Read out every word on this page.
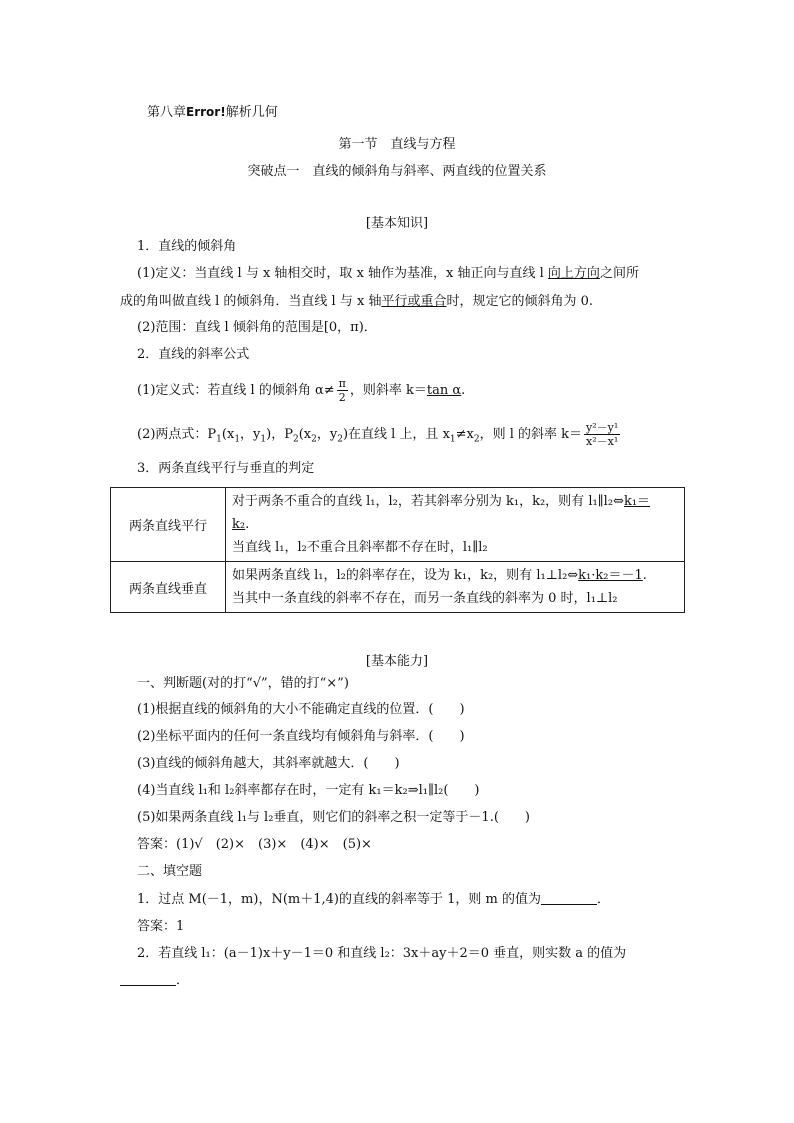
第八章Error!解析几何
第一节　直线与方程
突破点一　直线的倾斜角与斜率、两直线的位置关系
[基本知识]
1．直线的倾斜角
(1)定义：当直线 l 与 x 轴相交时，取 x 轴作为基准，x 轴正向与直线 l 向上方向之间所
成的角叫做直线 l 的倾斜角．当直线 l 与 x 轴平行或重合时，规定它的倾斜角为 0.
(2)范围：直线 l 倾斜角的范围是[0，π)．
2．直线的斜率公式
(1)定义式：若直线 l 的倾斜角 $\alpha\ne \frac{\pi}{2}$ ，则斜率 k＝tan α.
(2)两点式：$P_1(x_1$，$y_1$)，$P_2(x_2$，$y_2$)在直线 l 上，且 $x_1\ne x_2$，则 l 的斜率 $k= \frac{\text{y²－y¹}}{\text{x²－x¹}}$
3．两条直线平行与垂直的判定
两条直线平行	对于两条不重合的直线 l₁，l₂，若其斜率分别为 k₁，k₂，则有 l₁∥l₂⇔k₁＝
k₂.
当直线 l₁，l₂不重合且斜率都不存在时，l₁∥l₂

两条直线垂直	如果两条直线 l₁，l₂的斜率存在，设为 k₁，k₂，则有 l₁⊥l₂⇔k₁·k₂＝－1.
当其中一条直线的斜率不存在，而另一条直线的斜率为 0 时，l₁⊥l₂
[基本能力]
一、判断题(对的打“√”，错的打“×”)
(1)根据直线的倾斜角的大小不能确定直线的位置．(　　)
(2)坐标平面内的任何一条直线均有倾斜角与斜率．(　　)
(3)直线的倾斜角越大，其斜率就越大．(　　)
(4)当直线 l₁和 l₂斜率都存在时，一定有 k₁＝k₂⇒l₁∥l₂(　　)
(5)如果两条直线 l₁与 l₂垂直，则它们的斜率之积一定等于－1.(　　)
答案：(1)√　(2)×　(3)×　(4)×　(5)×
二、填空题
1．过点 M(－1，m)，N(m＋1,4)的直线的斜率等于 1，则 m 的值为	．
答案：1
2．若直线 l₁：(a－1)x＋y－1＝0 和直线 l₂：3x＋ay＋2＝0 垂直，则实数 a 的值为
．
